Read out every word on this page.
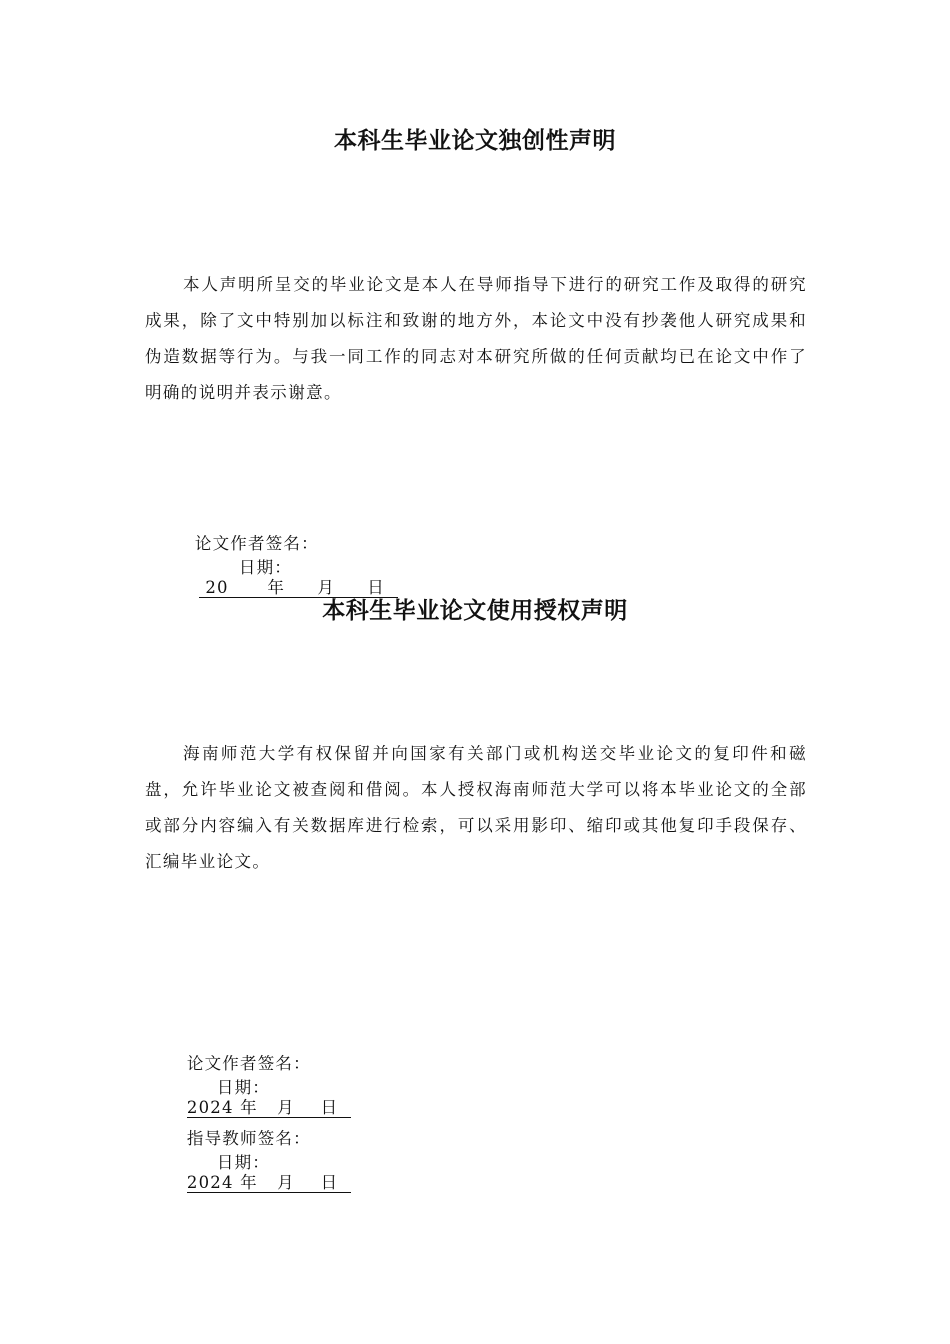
本科生毕业论文独创性声明

本人声明所呈交的毕业论文是本人在导师指导下进行的研究工作及取得的研究成果，除了文中特别加以标注和致谢的地方外，本论文中没有抄袭他人研究成果和伪造数据等行为。与我一同工作的同志对本研究所做的任何贡献均已在论文中作了明确的说明并表示谢意。

论文作者签名：
日期：
20      年     月     日

本科生毕业论文使用授权声明

海南师范大学有权保留并向国家有关部门或机构送交毕业论文的复印件和磁盘，允许毕业论文被查阅和借阅。本人授权海南师范大学可以将本毕业论文的全部或部分内容编入有关数据库进行检索，可以采用影印、缩印或其他复印手段保存、汇编毕业论文。

论文作者签名：
日期：
2024 年   月    日

指导教师签名：
日期：
2024 年   月    日
